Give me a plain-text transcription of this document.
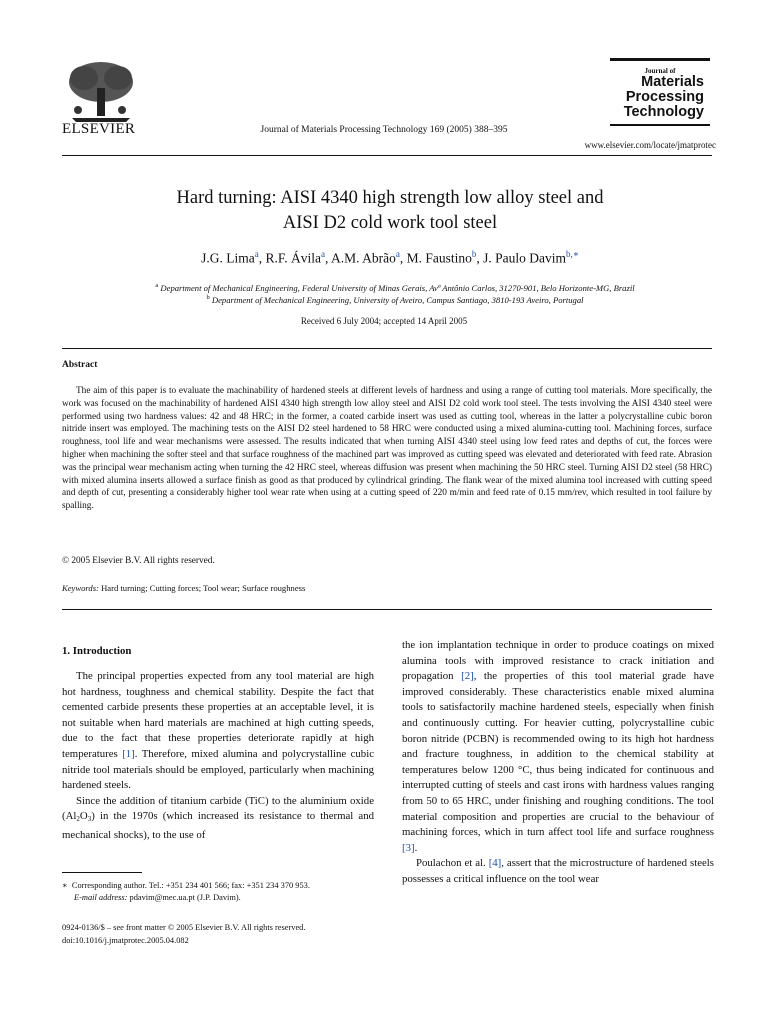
ELSEVIER	Journal of Materials Processing Technology 169 (2005) 388–395
Journal of
Materials
Processing
Technology
www.elsevier.com/locate/jmatprotec
Hard turning: AISI 4340 high strength low alloy steel and
AISI D2 cold work tool steel
J.G. Lima$^a$, R.F. Ávila$^a$, A.M. Abrão$^a$, M. Faustino$^b$, J. Paulo Davim$^{b,∗}$
$^a$ Department of Mechanical Engineering, Federal University of Minas Gerais, Avª Antônio Carlos, 31270-901, Belo Horizonte-MG, Brazil
$^b$ Department of Mechanical Engineering, University of Aveiro, Campus Santiago, 3810-193 Aveiro, Portugal
Received 6 July 2004; accepted 14 April 2005
Abstract

The aim of this paper is to evaluate the machinability of hardened steels at different levels of hardness and using a range of cutting tool materials. More specifically, the work was focused on the machinability of hardened AISI 4340 high strength low alloy steel and AISI D2 cold work tool steel. The tests involving the AISI 4340 steel were performed using two hardness values: 42 and 48 HRC; in the former, a coated carbide insert was used as cutting tool, whereas in the latter a polycrystalline cubic boron nitride insert was employed. The machining tests on the AISI D2 steel hardened to 58 HRC were conducted using a mixed alumina-cutting tool. Machining forces, surface roughness, tool life and wear mechanisms were assessed. The results indicated that when turning AISI 4340 steel using low feed rates and depths of cut, the forces were higher when machining the softer steel and that surface roughness of the machined part was improved as cutting speed was elevated and deteriorated with feed rate. Abrasion was the principal wear mechanism acting when turning the 42 HRC steel, whereas diffusion was present when machining the 50 HRC steel. Turning AISI D2 steel (58 HRC) with mixed alumina inserts allowed a surface finish as good as that produced by cylindrical grinding. The flank wear of the mixed alumina tool increased with cutting speed and depth of cut, presenting a considerably higher tool wear rate when using at a cutting speed of 220 m/min and feed rate of 0.15 mm/rev, which resulted in tool failure by spalling.

© 2005 Elsevier B.V. All rights reserved.
Keywords: Hard turning; Cutting forces; Tool wear; Surface roughness
1. Introduction

The principal properties expected from any tool material are high hot hardness, toughness and chemical stability. Despite the fact that cemented carbide presents these properties at an acceptable level, it is not suitable when hard materials are machined at high cutting speeds, due to the fact that these properties deteriorate rapidly at high temperatures [1]. Therefore, mixed alumina and polycrystalline cubic nitride tool materials should be employed, particularly when machining hardened steels.

Since the addition of titanium carbide (TiC) to the aluminium oxide $(Al_2O_3)$ in the 1970s (which increased its resistance to thermal and mechanical shocks), to the use of

the ion implantation technique in order to produce coatings on mixed alumina tools with improved resistance to crack initiation and propagation [2], the properties of this tool material grade have improved considerably. These characteristics enable mixed alumina tools to satisfactorily machine hardened steels, especially when finish and continuously cutting. For heavier cutting, polycrystalline cubic boron nitride (PCBN) is recommended owing to its high hot hardness and fracture toughness, in addition to the chemical stability at temperatures below 1200 °C, thus being indicated for continuous and interrupted cutting of steels and cast irons with hardness values ranging from 50 to 65 HRC, under finishing and roughing conditions. The tool material composition and properties are crucial to the behaviour of machining forces, which in turn affect tool life and surface roughness [3].

Poulachon et al. [4], assert that the microstructure of hardened steels possesses a critical influence on the tool wear

∗ Corresponding author. Tel.: +351 234 401 566; fax: +351 234 370 953.
E-mail address: pdavim@mec.ua.pt (J.P. Davim).
0924-0136/$ – see front matter © 2005 Elsevier B.V. All rights reserved.
doi:10.1016/j.jmatprotec.2005.04.082
